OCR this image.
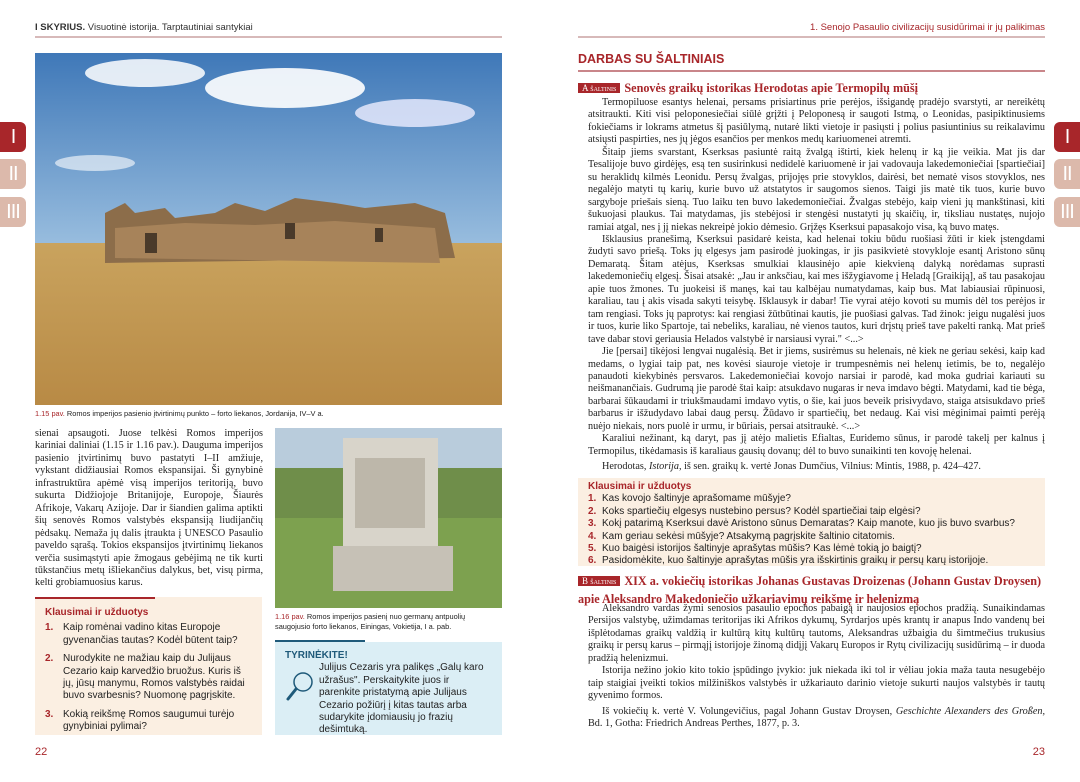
I SKYRIUS. Visuotinė istorija. Tarptautiniai santykiai
I
II
III
1.15 pav. Romos imperijos pasienio įtvirtinimų punkto – forto liekanos, Jordanija, IV–V a.
sienai apsaugoti. Juose telkėsi Romos imperijos kariniai daliniai (1.15 ir 1.16 pav.). Dauguma imperijos pasienio įtvirtinimų buvo pastatyti I–II amžiuje, vykstant didžiausiai Romos ekspansijai. Ši gynybinė infrastruktūra apėmė visą imperijos teritoriją, buvo sukurta Didžiojoje Britanijoje, Europoje, Šiaurės Afrikoje, Vakarų Azijoje. Dar ir šiandien galima aptikti šių senovės Romos valstybės ekspansiją liudijančių pėdsakų. Nemaža jų dalis įtraukta į UNESCO Pasaulio paveldo sąrašą. Tokios ekspansijos įtvirtinimų liekanos verčia susimąstyti apie žmogaus gebėjimą ne tik kurti tūkstančius metų išliekančius dalykus, bet, visų pirma, kelti grobiamuosius karus.
1.16 pav. Romos imperijos pasienį nuo germanų antpuolių saugojusio forto liekanos, Einingas, Vokietija, I a. pab.
Klausimai ir užduotys
1. Kaip romėnai vadino kitas Europoje gyvenančias tautas? Kodėl būtent taip?
2. Nurodykite ne mažiau kaip du Julijaus Cezario kaip karvedžio bruožus. Kuris iš jų, jūsų manymu, Romos valstybės raidai buvo svarbesnis? Nuomonę pagrįskite.
3. Kokią reikšmę Romos saugumui turėjo gynybiniai pylimai?
TYRINĖKITE!
Julijus Cezaris yra palikęs „Galų karo užrašus". Perskaitykite juos ir parenkite pristatymą apie Julijaus Cezario požiūrį į kitas tautas arba sudarykite įdomiausių jo frazių dešimtuką.
22
1. Senojo Pasaulio civilizacijų susidūrimai ir jų palikimas
I
II
III
DARBAS SU ŠALTINIAIS
A šaltinis Senovės graikų istorikas Herodotas apie Termopilų mūšį

Termopiluose esantys helenai, persams prisiartinus prie perėjos, išsigandę pradėjo svarstyti, ar nereikėtų atsitraukti. Kiti visi peloponesiečiai siūlė grįžti į Peloponesą ir saugoti Istmą, o Leonidas, pasipiktinusiems fokiečiams ir lokrams atmetus šį pasiūlymą, nutarė likti vietoje ir pasiųsti į polius pasiuntinius su reikalavimu atsiųsti paspirties, nes jų jėgos esančios per menkos medų kariuomenei atremti.

Šitaip jiems svarstant, Kserksas pasiuntė raitą žvalgą ištirti, kiek helenų ir ką jie veikia. Mat jis dar Tesalijoje buvo girdėjęs, esą ten susirinkusi nedidelė kariuomenė ir jai vadovauja lakedemoniečiai [spartiečiai] su heraklidų kilmės Leonidu. Persų žvalgas, prijojęs prie stovyklos, dairėsi, bet nematė visos stovyklos, nes negalėjo matyti tų karių, kurie buvo už atstatytos ir saugomos sienos. Taigi jis matė tik tuos, kurie buvo sargyboje priešais sieną. Tuo laiku ten buvo lakedemoniečiai. Žvalgas stebėjo, kaip vieni jų mankštinasi, kiti šukuojasi plaukus. Tai matydamas, jis stebėjosi ir stengėsi nustatyti jų skaičių, ir, tiksliau nustatęs, nujojo ramiai atgal, nes į jį niekas nekreipė jokio dėmesio. Grįžęs Kserksui papasakojo visa, ką buvo matęs.

Išklausius pranešimą, Kserksui pasidarė keista, kad helenai tokiu būdu ruošiasi žūti ir kiek įstengdami žudyti savo priešą. Toks jų elgesys jam pasirodė juokingas, ir jis pasikvietė stovykloje esantį Aristono sūnų Demaratą. Šitam atėjus, Kserksas smulkiai klausinėjo apie kiekvieną dalyką norėdamas suprasti lakedemoniečių elgesį. Šisai atsakė: „Jau ir anksčiau, kai mes išžygiavome į Heladą [Graikiją], aš tau pasakojau apie tuos žmones. Tu juokeisi iš manęs, kai tau kalbėjau numatydamas, kaip bus. Mat labiausiai rūpinuosi, karaliau, tau į akis visada sakyti teisybę. Išklausyk ir dabar! Tie vyrai atėjo kovoti su mumis dėl tos perėjos ir tam rengiasi. Toks jų paprotys: kai rengiasi žūtbūtinai kautis, jie puošiasi galvas. Tad žinok: jeigu nugalėsi juos ir tuos, kurie liko Spartoje, tai nebeliks, karaliau, nė vienos tautos, kuri drįstų prieš tave pakelti ranką. Mat prieš tave dabar stovi geriausia Helados valstybė ir narsiausi vyrai." <...>

Jie [persai] tikėjosi lengvai nugalėsią. Bet ir jiems, susirėmus su helenais, nė kiek ne geriau sekėsi, kaip kad medams, o lygiai taip pat, nes kovėsi siauroje vietoje ir trumpesnėmis nei helenų ietimis, be to, negalėjo panaudoti kiekybinės persvaros. Lakedemoniečiai kovojo narsiai ir parodė, kad moka gudriai kariauti su neišmanančiais. Gudrumą jie parodė štai kaip: atsukdavo nugaras ir neva imdavo bėgti. Matydami, kad tie bėga, barbarai šūkaudami ir triukšmaudami imdavo vytis, o šie, kai juos beveik prisivydavo, staiga atsisukdavo prieš barbarus ir išžudydavo labai daug persų. Žūdavo ir spartiečių, bet nedaug. Kai visi mėginimai paimti perėją nuėjo niekais, nors puolė ir urmu, ir būriais, persai atsitraukė. <...>

Karaliui nežinant, ką daryt, pas jį atėjo malietis Efialtas, Euridemo sūnus, ir parodė takelį per kalnus į Termopilus, tikėdamasis iš karaliaus gausių dovanų; dėl to buvo sunaikinti ten kovoję helenai.

Herodotas, Istorija, iš sen. graikų k. vertė Jonas Dumčius, Vilnius: Mintis, 1988, p. 424–427.

Klausimai ir užduotys
1. Kas kovojo šaltinyje aprašomame mūšyje?
2. Koks spartiečių elgesys nustebino persus? Kodėl spartiečiai taip elgėsi?
3. Kokį patarimą Kserksui davė Aristono sūnus Demaratas? Kaip manote, kuo jis buvo svarbus?
4. Kam geriau sekėsi mūšyje? Atsakymą pagrįskite šaltinio citatomis.
5. Kuo baigėsi istorijos šaltinyje aprašytas mūšis? Kas lėmė tokią jo baigtį?
6. Pasidomėkite, kuo šaltinyje aprašytas mūšis yra išskirtinis graikų ir persų karų istorijoje.
B šaltinis XIX a. vokiečių istorikas Johanas Gustavas Droizenas (Johann Gustav Droysen) apie Aleksandro Makedoniečio užkariavimų reikšmę ir helenizmą

Aleksandro vardas žymi senosios pasaulio epochos pabaigą ir naujosios epochos pradžią. Sunaikindamas Persijos valstybę, užimdamas teritorijas iki Afrikos dykumų, Syrdarjos upės krantų ir anapus Indo vandenų bei išplėtodamas graikų valdžią ir kultūrą kitų kultūrų tautoms, Aleksandras užbaigia du šimtmečius trukusius graikų ir persų karus – pirmąjį istorijoje žinomą didįjį Vakarų Europos ir Rytų civilizacijų susidūrimą – ir duoda pradžią helenizmui.

Istorija nežino jokio kito tokio įspūdingo įvykio: juk niekada iki tol ir vėliau jokia maža tauta nesugebėjo taip staigiai įveikti tokios milžiniškos valstybės ir užkariauto darinio vietoje sukurti naujos valstybės ir tautų gyvenimo formos.

Iš vokiečių k. vertė V. Volungevičius, pagal Johann Gustav Droysen, Geschichte Alexanders des Großen, Bd. 1, Gotha: Friedrich Andreas Perthes, 1877, p. 3.

23
